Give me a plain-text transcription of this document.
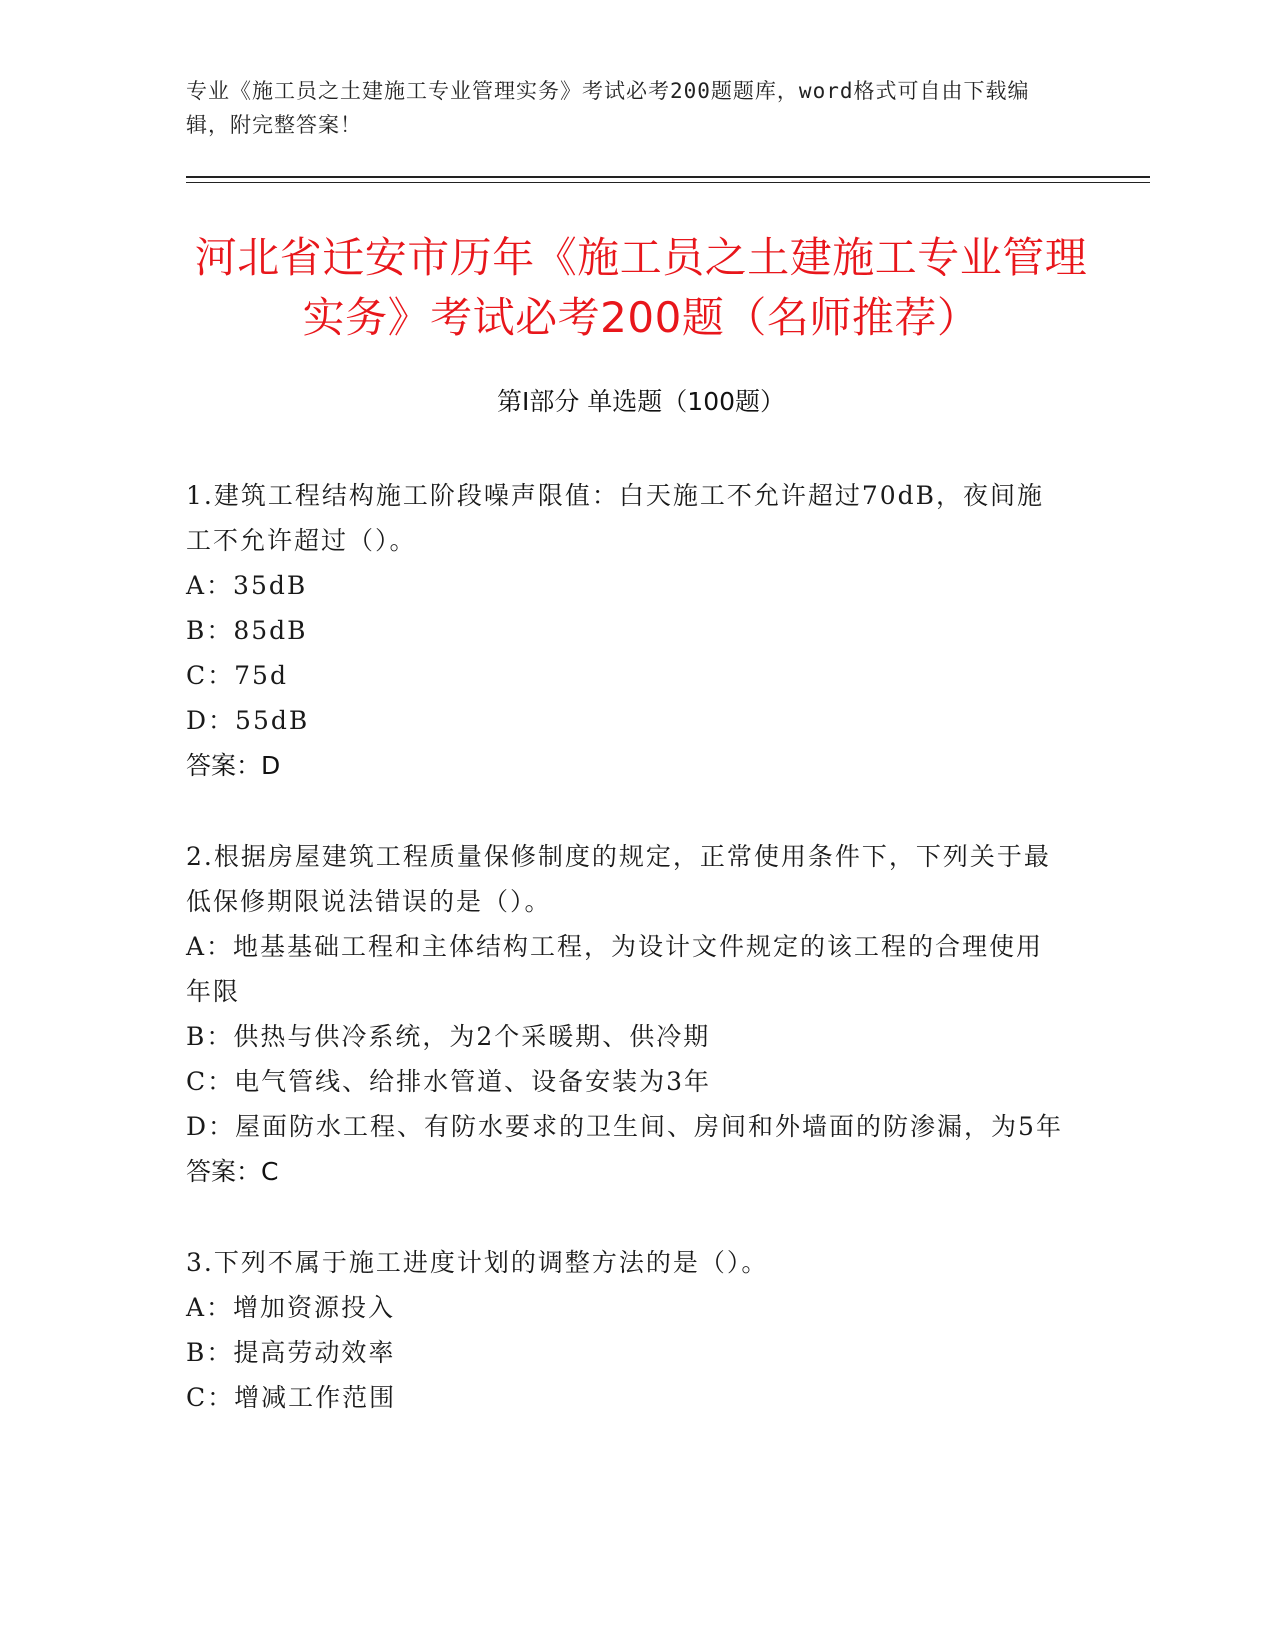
专业《施工员之土建施工专业管理实务》考试必考200题题库，word格式可自由下载编辑，附完整答案！
河北省迁安市历年《施工员之土建施工专业管理实务》考试必考200题（名师推荐）
第I部分 单选题（100题）
1.建筑工程结构施工阶段噪声限值：白天施工不允许超过70dB，夜间施工不允许超过（）。
A：35dB
B：85dB
C：75d
D：55dB
答案：D
2.根据房屋建筑工程质量保修制度的规定，正常使用条件下，下列关于最低保修期限说法错误的是（）。
A：地基基础工程和主体结构工程，为设计文件规定的该工程的合理使用年限
B：供热与供冷系统，为2个采暖期、供冷期
C：电气管线、给排水管道、设备安装为3年
D：屋面防水工程、有防水要求的卫生间、房间和外墙面的防渗漏，为5年
答案：C
3.下列不属于施工进度计划的调整方法的是（）。
A：增加资源投入
B：提高劳动效率
C：增减工作范围
